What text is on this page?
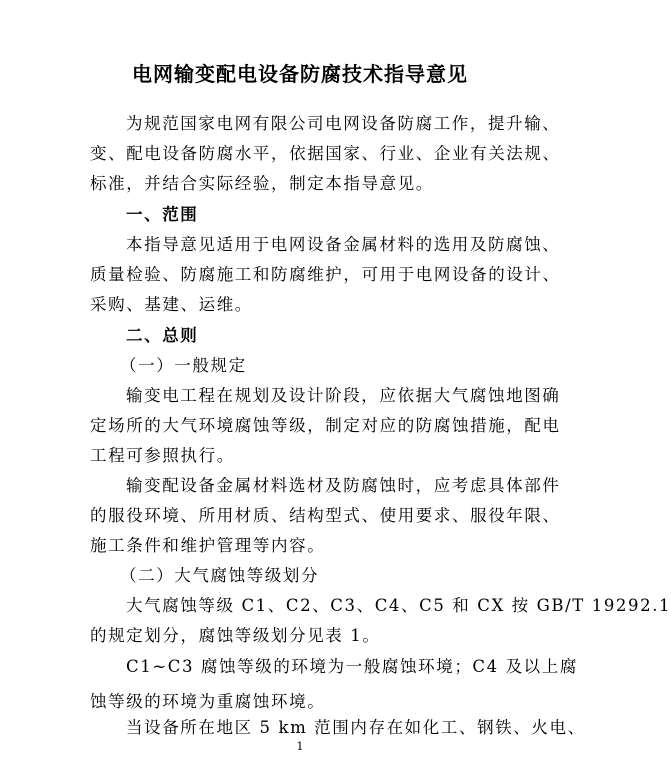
电网输变配电设备防腐技术指导意见
为规范国家电网有限公司电网设备防腐工作，提升输、
变、配电设备防腐水平，依据国家、行业、企业有关法规、
标准，并结合实际经验，制定本指导意见。
一、范围
本指导意见适用于电网设备金属材料的选用及防腐蚀、
质量检验、防腐施工和防腐维护，可用于电网设备的设计、
采购、基建、运维。
二、总则
（一）一般规定
输变电工程在规划及设计阶段，应依据大气腐蚀地图确
定场所的大气环境腐蚀等级，制定对应的防腐蚀措施，配电
工程可参照执行。
输变配设备金属材料选材及防腐蚀时，应考虑具体部件
的服役环境、所用材质、结构型式、使用要求、服役年限、
施工条件和维护管理等内容。
（二）大气腐蚀等级划分
大气腐蚀等级 C1、C2、C3、C4、C5 和 CX 按 GB/T 19292.1
的规定划分，腐蚀等级划分见表 1。
C1~C3 腐蚀等级的环境为一般腐蚀环境；C4 及以上腐
1
蚀等级的环境为重腐蚀环境。
当设备所在地区 5 km 范围内存在如化工、钢铁、火电、
